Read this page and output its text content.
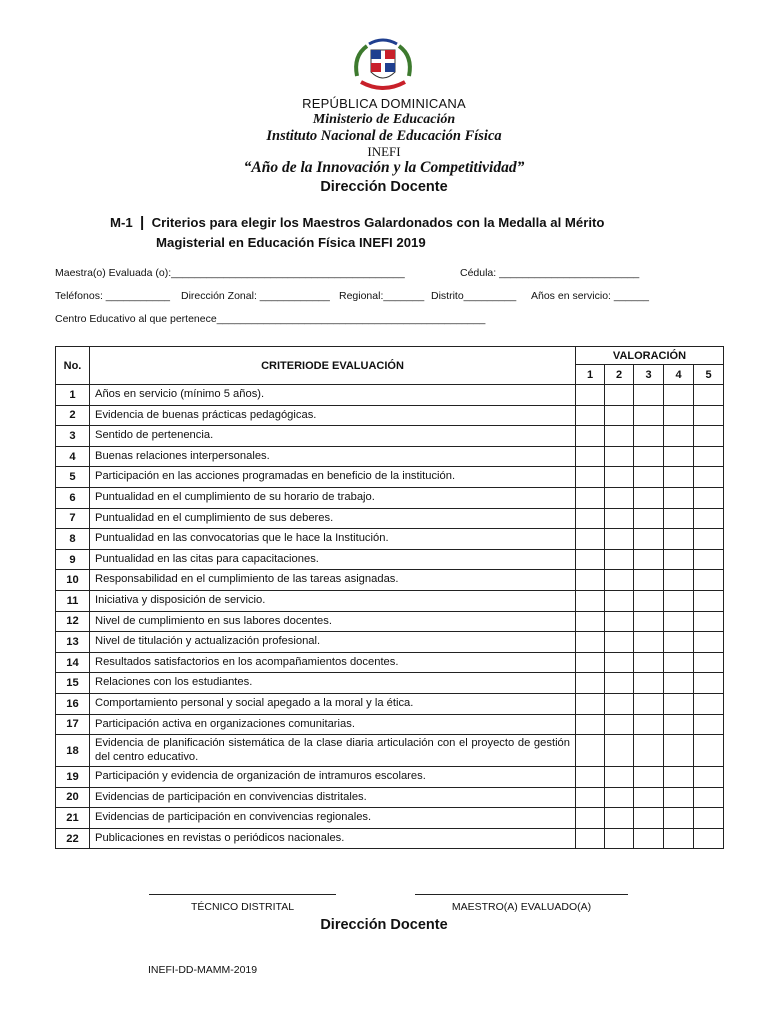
REPÚBLICA DOMINICANA
Ministerio de Educación
Instituto Nacional de Educación Física
INEFI
“Año de la Innovación y la Competitividad”
Dirección Docente
M-1 | Criterios para elegir los Maestros Galardonados con la Medalla al Mérito
Magisterial en Educación Física INEFI 2019
Maestra(o) Evaluada (o):________________________________________	Cédula: ________________________
Teléfonos: ___________ Dirección Zonal: ____________ Regional:_______ Distrito_________ Años en servicio: ______
Centro Educativo al que pertenece______________________________________________
No.	CRITERIODE EVALUACIÓN	VALORACIÓN				
		1	2	3	4	5
1	Años en servicio (mínimo 5 años).					
2	Evidencia de buenas prácticas pedagógicas.					
3	Sentido de pertenencia.					
4	Buenas relaciones interpersonales.					
5	Participación en las acciones programadas en beneficio de la institución.					
6	Puntualidad en el cumplimiento de su horario de trabajo.					
7	Puntualidad en el cumplimiento de sus deberes.					
8	Puntualidad en las convocatorias que le hace la Institución.					
9	Puntualidad en las citas para capacitaciones.					
10	Responsabilidad en el cumplimiento de las tareas asignadas.					
11	Iniciativa y disposición de servicio.					
12	Nivel de cumplimiento en sus labores docentes.					
13	Nivel de titulación y actualización profesional.					
14	Resultados satisfactorios en los acompañamientos docentes.					
15	Relaciones con los estudiantes.					
16	Comportamiento personal y social apegado a la moral y la ética.					
17	Participación activa en organizaciones comunitarias.					
18	Evidencia de planificación sistemática de la clase diaria articulación con el proyecto de gestión del centro educativo.					
19	Participación y evidencia de organización de intramuros escolares.					
20	Evidencias de participación en convivencias distritales.					
21	Evidencias de participación en convivencias regionales.					
22	Publicaciones en revistas o periódicos nacionales.					
TÉCNICO DISTRITAL	MAESTRO(A) EVALUADO(A)
Dirección Docente
INEFI-DD-MAMM-2019
